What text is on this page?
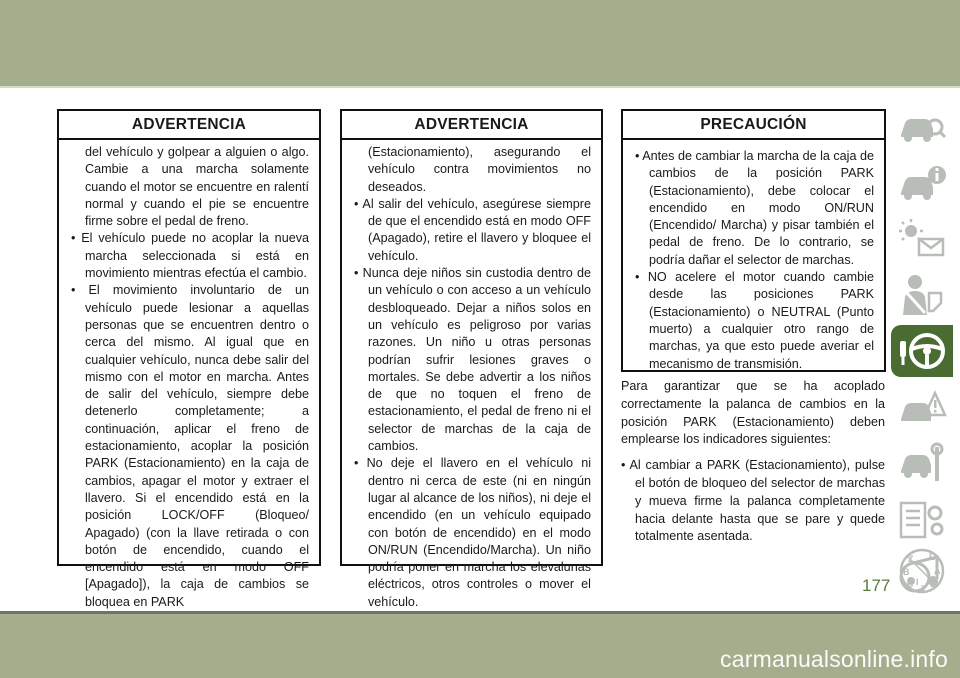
ADVERTENCIA

del vehículo y golpear a alguien o algo. Cambie a una marcha solamente cuando el motor se encuentre en ralentí normal y cuando el pie se encuentre firme sobre el pedal de freno.

• El vehículo puede no acoplar la nueva marcha seleccionada si está en movimiento mientras efectúa el cambio.

• El movimiento involuntario de un vehículo puede lesionar a aquellas personas que se encuentren dentro o cerca del mismo. Al igual que en cualquier vehículo, nunca debe salir del mismo con el motor en marcha. Antes de salir del vehículo, siempre debe detenerlo completamente; a continuación, aplicar el freno de estacionamiento, acoplar la posición PARK (Estacionamiento) en la caja de cambios, apagar el motor y extraer el llavero. Si el encendido está en la posición LOCK/OFF (Bloqueo/ Apagado) (con la llave retirada o con botón de encendido, cuando el encendido está en modo OFF [Apagado]), la caja de cambios se bloquea en PARK

ADVERTENCIA

(Estacionamiento), asegurando el vehículo contra movimientos no deseados.

• Al salir del vehículo, asegúrese siempre de que el encendido está en modo OFF (Apagado), retire el llavero y bloquee el vehículo.

• Nunca deje niños sin custodia dentro de un vehículo o con acceso a un vehículo desbloqueado. Dejar a niños solos en un vehículo es peligroso por varias razones. Un niño u otras personas podrían sufrir lesiones graves o mortales. Se debe advertir a los niños de que no toquen el freno de estacionamiento, el pedal de freno ni el selector de marchas de la caja de cambios.

• No deje el llavero en el vehículo ni dentro ni cerca de este (ni en ningún lugar al alcance de los niños), ni deje el encendido (en un vehículo equipado con botón de encendido) en el modo ON/RUN (Encendido/Marcha). Un niño podría poner en marcha los elevalunas eléctricos, otros controles o mover el vehículo.

PRECAUCIÓN

• Antes de cambiar la marcha de la caja de cambios de la posición PARK (Estacionamiento), debe colocar el encendido en modo ON/RUN (Encendido/ Marcha) y pisar también el pedal de freno. De lo contrario, se podría dañar el selector de marchas.

• NO acelere el motor cuando cambie desde las posiciones PARK (Estacionamiento) o NEUTRAL (Punto muerto) a cualquier otro rango de marchas, ya que esto puede averiar el mecanismo de transmisión.

Para garantizar que se ha acoplado correctamente la palanca de cambios en la posición PARK (Estacionamiento) deben emplearse los indicadores siguientes:

• Al cambiar a PARK (Estacionamiento), pulse el botón de bloqueo del selector de marchas y mueva firme la palanca completamente hacia delante hasta que se pare y quede totalmente asentada.

Z E
B	A
C D
I
T
177
carmanualsonline.info
